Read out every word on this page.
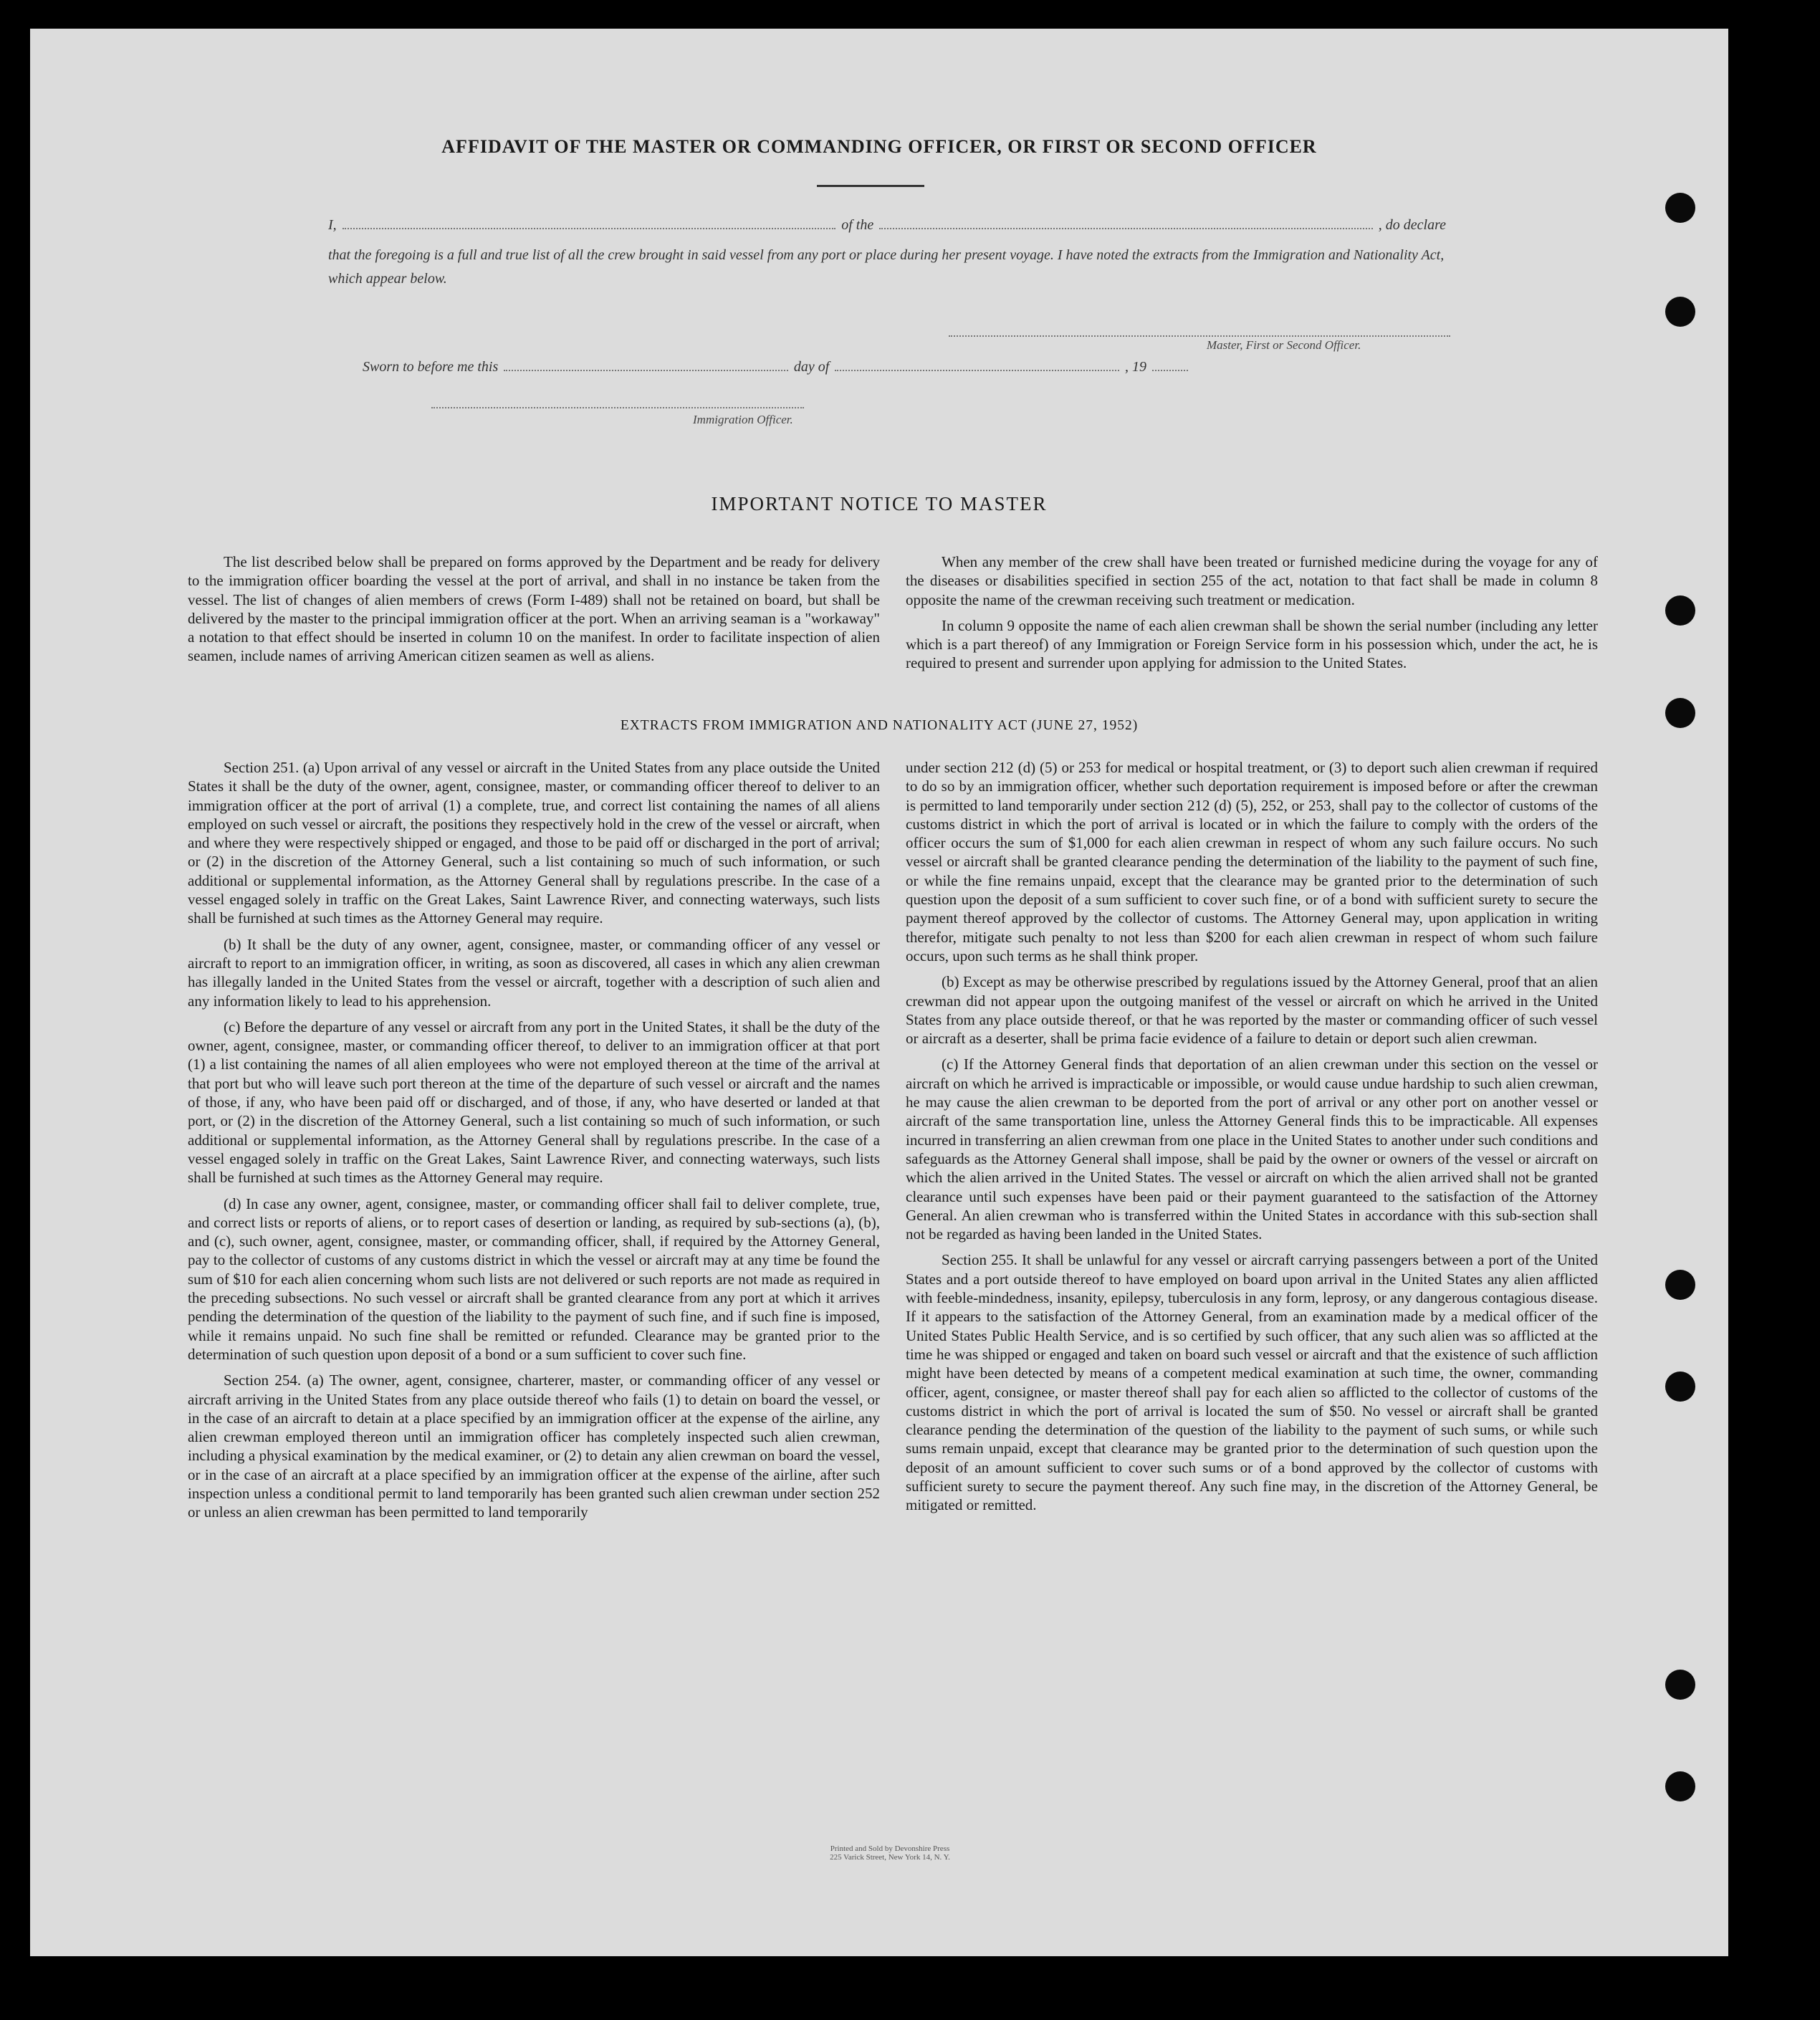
AFFIDAVIT OF THE MASTER OR COMMANDING OFFICER, OR FIRST OR SECOND OFFICER
I,	of the	, do declare
that the foregoing is a full and true list of all the crew brought in said vessel from any port or place during her present voyage. I have noted the extracts from the Immigration and Nationality Act, which appear below.
Master, First or Second Officer.
Sworn to before me this	day of	, 19
Immigration Officer.
IMPORTANT NOTICE TO MASTER

The list described below shall be prepared on forms approved by the Department and be ready for delivery to the immigration officer boarding the vessel at the port of arrival, and shall in no instance be taken from the vessel. The list of changes of alien members of crews (Form I-489) shall not be retained on board, but shall be delivered by the master to the principal immigration officer at the port. When an arriving seaman is a "workaway" a notation to that effect should be inserted in column 10 on the manifest. In order to facilitate inspection of alien seamen, include names of arriving American citizen seamen as well as aliens.

When any member of the crew shall have been treated or furnished medicine during the voyage for any of the diseases or disabilities specified in section 255 of the act, notation to that fact shall be made in column 8 opposite the name of the crewman receiving such treatment or medication.

In column 9 opposite the name of each alien crewman shall be shown the serial number (including any letter which is a part thereof) of any Immigration or Foreign Service form in his possession which, under the act, he is required to present and surrender upon applying for admission to the United States.

EXTRACTS FROM IMMIGRATION AND NATIONALITY ACT (JUNE 27, 1952)

Section 251. (a) Upon arrival of any vessel or aircraft in the United States from any place outside the United States it shall be the duty of the owner, agent, consignee, master, or commanding officer thereof to deliver to an immigration officer at the port of arrival (1) a complete, true, and correct list containing the names of all aliens employed on such vessel or aircraft, the positions they respectively hold in the crew of the vessel or aircraft, when and where they were respectively shipped or engaged, and those to be paid off or discharged in the port of arrival; or (2) in the discretion of the Attorney General, such a list containing so much of such information, or such additional or supplemental information, as the Attorney General shall by regulations prescribe. In the case of a vessel engaged solely in traffic on the Great Lakes, Saint Lawrence River, and connecting waterways, such lists shall be furnished at such times as the Attorney General may require.

(b) It shall be the duty of any owner, agent, consignee, master, or commanding officer of any vessel or aircraft to report to an immigration officer, in writing, as soon as discovered, all cases in which any alien crewman has illegally landed in the United States from the vessel or aircraft, together with a description of such alien and any information likely to lead to his apprehension.

(c) Before the departure of any vessel or aircraft from any port in the United States, it shall be the duty of the owner, agent, consignee, master, or commanding officer thereof, to deliver to an immigration officer at that port (1) a list containing the names of all alien employees who were not employed thereon at the time of the arrival at that port but who will leave such port thereon at the time of the departure of such vessel or aircraft and the names of those, if any, who have been paid off or discharged, and of those, if any, who have deserted or landed at that port, or (2) in the discretion of the Attorney General, such a list containing so much of such information, or such additional or supplemental information, as the Attorney General shall by regulations prescribe. In the case of a vessel engaged solely in traffic on the Great Lakes, Saint Lawrence River, and connecting waterways, such lists shall be furnished at such times as the Attorney General may require.

(d) In case any owner, agent, consignee, master, or commanding officer shall fail to deliver complete, true, and correct lists or reports of aliens, or to report cases of desertion or landing, as required by sub-sections (a), (b), and (c), such owner, agent, consignee, master, or commanding officer, shall, if required by the Attorney General, pay to the collector of customs of any customs district in which the vessel or aircraft may at any time be found the sum of $10 for each alien concerning whom such lists are not delivered or such reports are not made as required in the preceding subsections. No such vessel or aircraft shall be granted clearance from any port at which it arrives pending the determination of the question of the liability to the payment of such fine, and if such fine is imposed, while it remains unpaid. No such fine shall be remitted or refunded. Clearance may be granted prior to the determination of such question upon deposit of a bond or a sum sufficient to cover such fine.

Section 254. (a) The owner, agent, consignee, charterer, master, or commanding officer of any vessel or aircraft arriving in the United States from any place outside thereof who fails (1) to detain on board the vessel, or in the case of an aircraft to detain at a place specified by an immigration officer at the expense of the airline, any alien crewman employed thereon until an immigration officer has completely inspected such alien crewman, including a physical examination by the medical examiner, or (2) to detain any alien crewman on board the vessel, or in the case of an aircraft at a place specified by an immigration officer at the expense of the airline, after such inspection unless a conditional permit to land temporarily has been granted such alien crewman under section 252 or unless an alien crewman has been permitted to land temporarily

under section 212 (d) (5) or 253 for medical or hospital treatment, or (3) to deport such alien crewman if required to do so by an immigration officer, whether such deportation requirement is imposed before or after the crewman is permitted to land temporarily under section 212 (d) (5), 252, or 253, shall pay to the collector of customs of the customs district in which the port of arrival is located or in which the failure to comply with the orders of the officer occurs the sum of $1,000 for each alien crewman in respect of whom any such failure occurs. No such vessel or aircraft shall be granted clearance pending the determination of the liability to the payment of such fine, or while the fine remains unpaid, except that the clearance may be granted prior to the determination of such question upon the deposit of a sum sufficient to cover such fine, or of a bond with sufficient surety to secure the payment thereof approved by the collector of customs. The Attorney General may, upon application in writing therefor, mitigate such penalty to not less than $200 for each alien crewman in respect of whom such failure occurs, upon such terms as he shall think proper.

(b) Except as may be otherwise prescribed by regulations issued by the Attorney General, proof that an alien crewman did not appear upon the outgoing manifest of the vessel or aircraft on which he arrived in the United States from any place outside thereof, or that he was reported by the master or commanding officer of such vessel or aircraft as a deserter, shall be prima facie evidence of a failure to detain or deport such alien crewman.

(c) If the Attorney General finds that deportation of an alien crewman under this section on the vessel or aircraft on which he arrived is impracticable or impossible, or would cause undue hardship to such alien crewman, he may cause the alien crewman to be deported from the port of arrival or any other port on another vessel or aircraft of the same transportation line, unless the Attorney General finds this to be impracticable. All expenses incurred in transferring an alien crewman from one place in the United States to another under such conditions and safeguards as the Attorney General shall impose, shall be paid by the owner or owners of the vessel or aircraft on which the alien arrived in the United States. The vessel or aircraft on which the alien arrived shall not be granted clearance until such expenses have been paid or their payment guaranteed to the satisfaction of the Attorney General. An alien crewman who is transferred within the United States in accordance with this sub-section shall not be regarded as having been landed in the United States.

Section 255. It shall be unlawful for any vessel or aircraft carrying passengers between a port of the United States and a port outside thereof to have employed on board upon arrival in the United States any alien afflicted with feeble-mindedness, insanity, epilepsy, tuberculosis in any form, leprosy, or any dangerous contagious disease. If it appears to the satisfaction of the Attorney General, from an examination made by a medical officer of the United States Public Health Service, and is so certified by such officer, that any such alien was so afflicted at the time he was shipped or engaged and taken on board such vessel or aircraft and that the existence of such affliction might have been detected by means of a competent medical examination at such time, the owner, commanding officer, agent, consignee, or master thereof shall pay for each alien so afflicted to the collector of customs of the customs district in which the port of arrival is located the sum of $50. No vessel or aircraft shall be granted clearance pending the determination of the question of the liability to the payment of such sums, or while such sums remain unpaid, except that clearance may be granted prior to the determination of such question upon the deposit of an amount sufficient to cover such sums or of a bond approved by the collector of customs with sufficient surety to secure the payment thereof. Any such fine may, in the discretion of the Attorney General, be mitigated or remitted.

Printed and Sold by Devonshire Press
225 Varick Street, New York 14, N. Y.
